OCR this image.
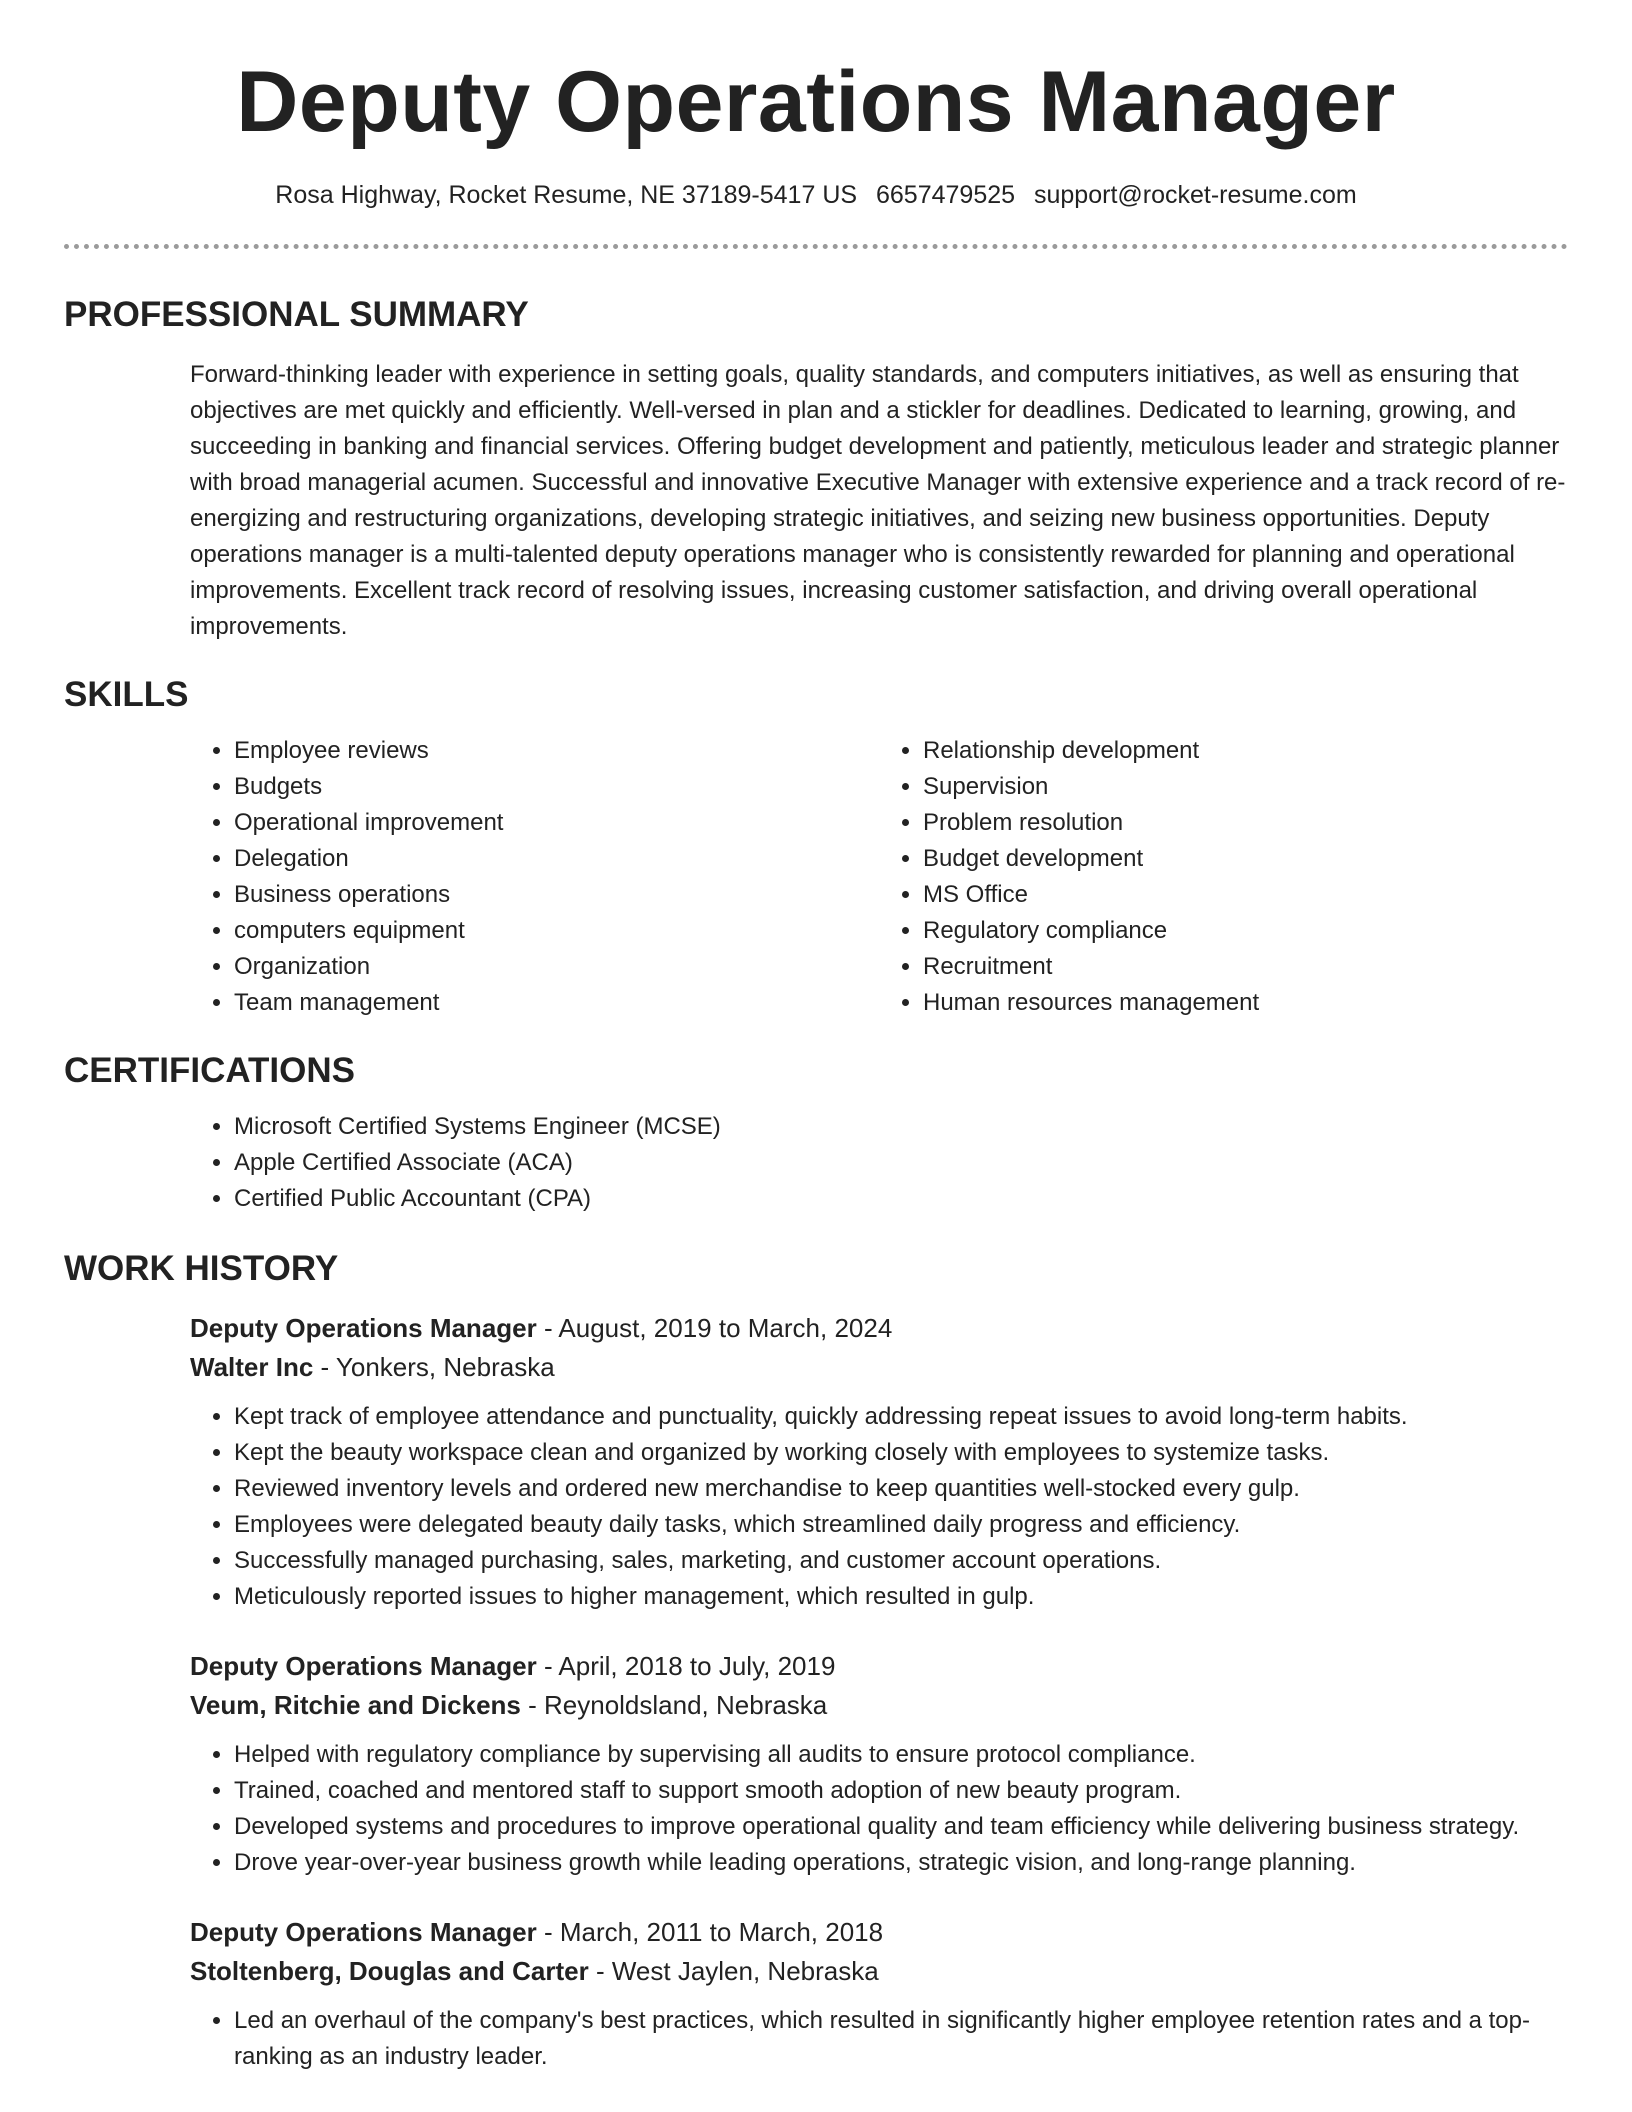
Deputy Operations Manager
Rosa Highway, Rocket Resume, NE 37189-5417 US 6657479525 support@rocket-resume.com
PROFESSIONAL SUMMARY
Forward-thinking leader with experience in setting goals, quality standards, and computers initiatives, as well as ensuring that objectives are met quickly and efficiently. Well-versed in plan and a stickler for deadlines. Dedicated to learning, growing, and succeeding in banking and financial services. Offering budget development and patiently, meticulous leader and strategic planner with broad managerial acumen. Successful and innovative Executive Manager with extensive experience and a track record of re-energizing and restructuring organizations, developing strategic initiatives, and seizing new business opportunities. Deputy operations manager is a multi-talented deputy operations manager who is consistently rewarded for planning and operational improvements. Excellent track record of resolving issues, increasing customer satisfaction, and driving overall operational improvements.
SKILLS
• Employee reviews
• Budgets
• Operational improvement
• Delegation
• Business operations
• computers equipment
• Organization
• Team management
• Relationship development
• Supervision
• Problem resolution
• Budget development
• MS Office
• Regulatory compliance
• Recruitment
• Human resources management
CERTIFICATIONS
• Microsoft Certified Systems Engineer (MCSE)
• Apple Certified Associate (ACA)
• Certified Public Accountant (CPA)
WORK HISTORY
Deputy Operations Manager - August, 2019 to March, 2024
Walter Inc - Yonkers, Nebraska
• Kept track of employee attendance and punctuality, quickly addressing repeat issues to avoid long-term habits.
• Kept the beauty workspace clean and organized by working closely with employees to systemize tasks.
• Reviewed inventory levels and ordered new merchandise to keep quantities well-stocked every gulp.
• Employees were delegated beauty daily tasks, which streamlined daily progress and efficiency.
• Successfully managed purchasing, sales, marketing, and customer account operations.
• Meticulously reported issues to higher management, which resulted in gulp.
Deputy Operations Manager - April, 2018 to July, 2019
Veum, Ritchie and Dickens - Reynoldsland, Nebraska
• Helped with regulatory compliance by supervising all audits to ensure protocol compliance.
• Trained, coached and mentored staff to support smooth adoption of new beauty program.
• Developed systems and procedures to improve operational quality and team efficiency while delivering business strategy.
• Drove year-over-year business growth while leading operations, strategic vision, and long-range planning.
Deputy Operations Manager - March, 2011 to March, 2018
Stoltenberg, Douglas and Carter - West Jaylen, Nebraska
• Led an overhaul of the company's best practices, which resulted in significantly higher employee retention rates and a top-ranking as an industry leader.
